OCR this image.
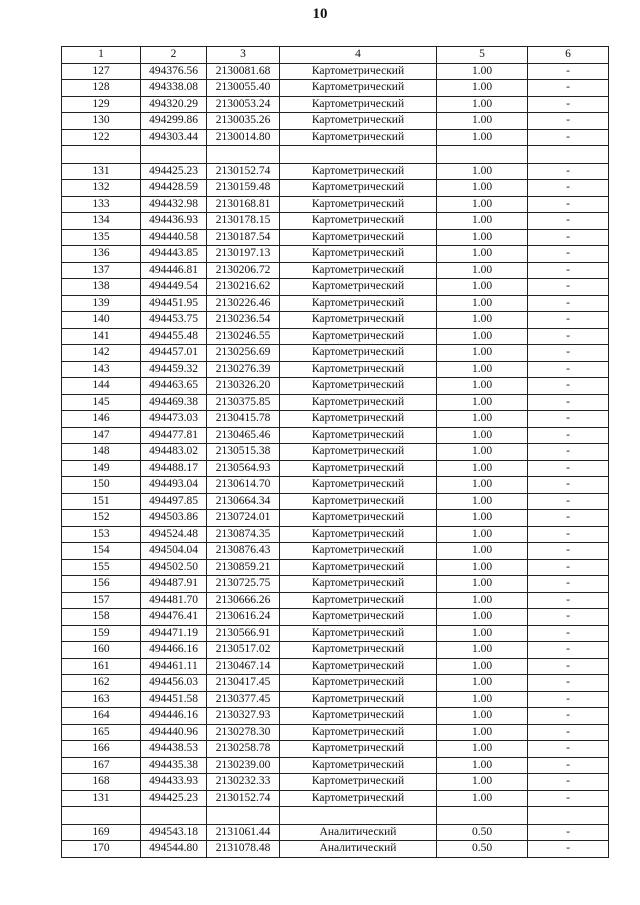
10
1	2	3	4	5	6
127	494376.56	2130081.68	Картометрический	1.00	-
128	494338.08	2130055.40	Картометрический	1.00	-
129	494320.29	2130053.24	Картометрический	1.00	-
130	494299.86	2130035.26	Картометрический	1.00	-
122	494303.44	2130014.80	Картометрический	1.00	-

131	494425.23	2130152.74	Картометрический	1.00	-
132	494428.59	2130159.48	Картометрический	1.00	-
133	494432.98	2130168.81	Картометрический	1.00	-
134	494436.93	2130178.15	Картометрический	1.00	-
135	494440.58	2130187.54	Картометрический	1.00	-
136	494443.85	2130197.13	Картометрический	1.00	-
137	494446.81	2130206.72	Картометрический	1.00	-
138	494449.54	2130216.62	Картометрический	1.00	-
139	494451.95	2130226.46	Картометрический	1.00	-
140	494453.75	2130236.54	Картометрический	1.00	-
141	494455.48	2130246.55	Картометрический	1.00	-
142	494457.01	2130256.69	Картометрический	1.00	-
143	494459.32	2130276.39	Картометрический	1.00	-
144	494463.65	2130326.20	Картометрический	1.00	-
145	494469.38	2130375.85	Картометрический	1.00	-
146	494473.03	2130415.78	Картометрический	1.00	-
147	494477.81	2130465.46	Картометрический	1.00	-
148	494483.02	2130515.38	Картометрический	1.00	-
149	494488.17	2130564.93	Картометрический	1.00	-
150	494493.04	2130614.70	Картометрический	1.00	-
151	494497.85	2130664.34	Картометрический	1.00	-
152	494503.86	2130724.01	Картометрический	1.00	-
153	494524.48	2130874.35	Картометрический	1.00	-
154	494504.04	2130876.43	Картометрический	1.00	-
155	494502.50	2130859.21	Картометрический	1.00	-
156	494487.91	2130725.75	Картометрический	1.00	-
157	494481.70	2130666.26	Картометрический	1.00	-
158	494476.41	2130616.24	Картометрический	1.00	-
159	494471.19	2130566.91	Картометрический	1.00	-
160	494466.16	2130517.02	Картометрический	1.00	-
161	494461.11	2130467.14	Картометрический	1.00	-
162	494456.03	2130417.45	Картометрический	1.00	-
163	494451.58	2130377.45	Картометрический	1.00	-
164	494446.16	2130327.93	Картометрический	1.00	-
165	494440.96	2130278.30	Картометрический	1.00	-
166	494438.53	2130258.78	Картометрический	1.00	-
167	494435.38	2130239.00	Картометрический	1.00	-
168	494433.93	2130232.33	Картометрический	1.00	-
131	494425.23	2130152.74	Картометрический	1.00	-

169	494543.18	2131061.44	Аналитический	0.50	-
170	494544.80	2131078.48	Аналитический	0.50	-
